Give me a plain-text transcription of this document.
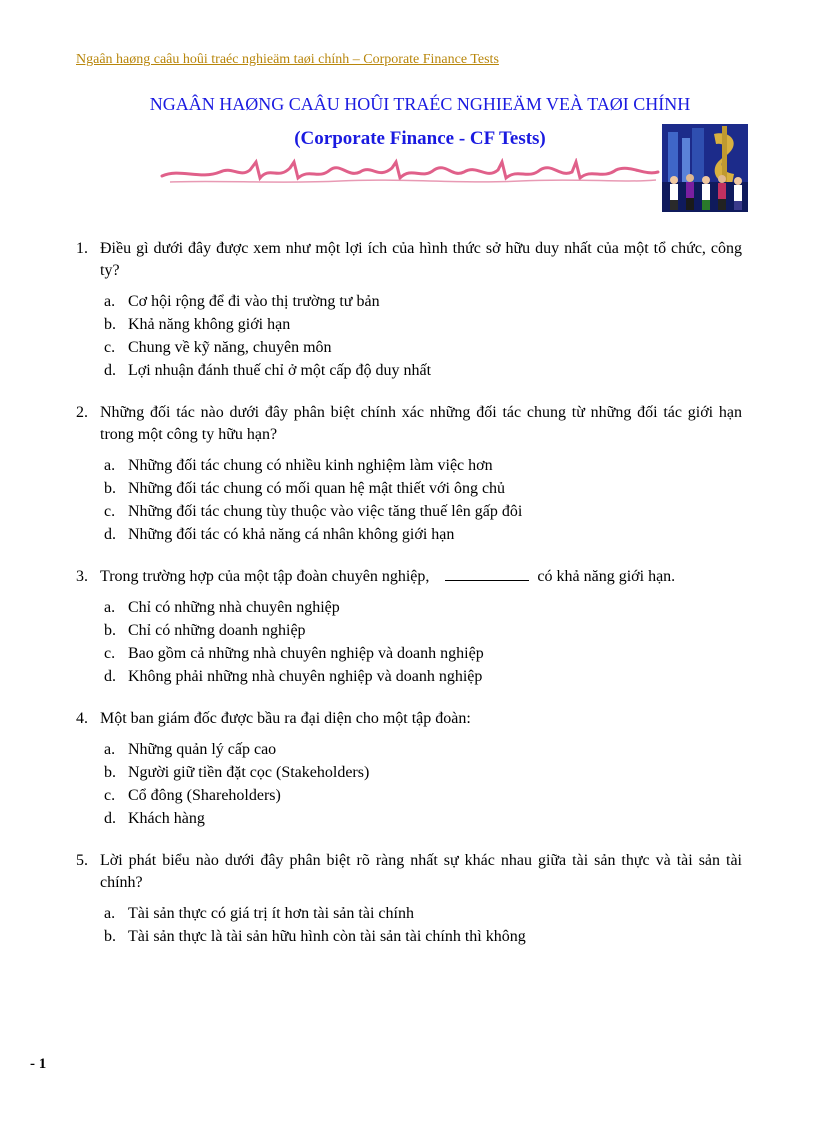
Ngaân haøng caâu hoûi traéc nghieäm taøi chính – Corporate Finance Tests
NGAÂN HAØNG CAÂU HOÛI TRAÉC NGHIEÄM VEÀ TAØI CHÍNH
(Corporate Finance - CF Tests)
1. Điều gì dưới đây được xem như một lợi ích của hình thức sở hữu duy nhất của một tổ chức, công ty?
a. Cơ hội rộng để đi vào thị trường tư bản
b. Khả năng không giới hạn
c. Chung về kỹ năng, chuyên môn
d. Lợi nhuận đánh thuế chỉ ở một cấp độ duy nhất
2. Những đối tác nào dưới đây phân biệt chính xác những đối tác chung từ những đối tác giới hạn trong một công ty hữu hạn?
a. Những đối tác chung có nhiều kinh nghiệm làm việc hơn
b. Những đối tác chung có mối quan hệ mật thiết với ông chủ
c. Những đối tác chung tùy thuộc vào việc tăng thuế lên gấp đôi
d. Những đối tác có khả năng cá nhân không giới hạn
3. Trong trường hợp của một tập đoàn chuyên nghiệp,	có khả năng giới hạn.
a. Chỉ có những nhà chuyên nghiệp
b. Chỉ có những doanh nghiệp
c. Bao gồm cả những nhà chuyên nghiệp và doanh nghiệp
d. Không phải những nhà chuyên nghiệp và doanh nghiệp
4. Một ban giám đốc được bầu ra đại diện cho một tập đoàn:
a. Những quản lý cấp cao
b. Người giữ tiền đặt cọc (Stakeholders)
c. Cổ đông (Shareholders)
d. Khách hàng
5. Lời phát biểu nào dưới đây phân biệt rõ ràng nhất sự khác nhau giữa tài sản thực và tài sản tài chính?
a. Tài sản thực có giá trị ít hơn tài sản tài chính
b. Tài sản thực là tài sản hữu hình còn tài sản tài chính thì không
- 1
